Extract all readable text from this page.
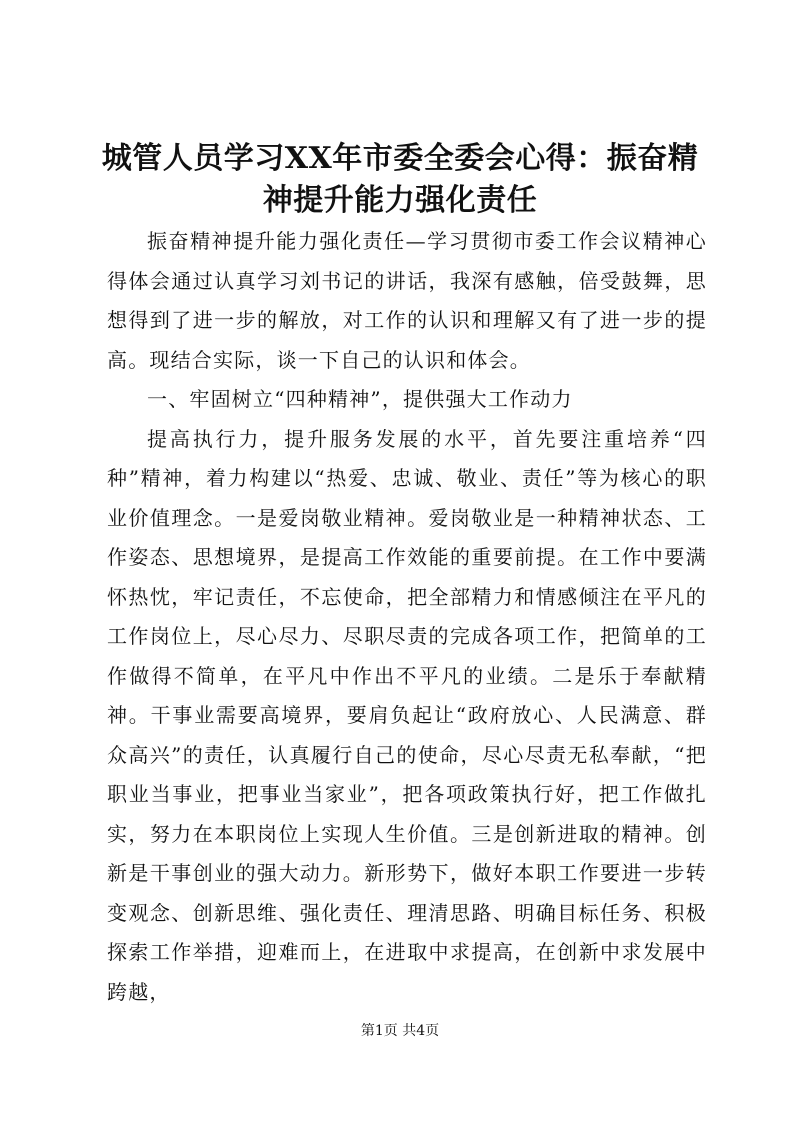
城管人员学习XX年市委全委会心得：振奋精神提升能力强化责任

振奋精神提升能力强化责任—学习贯彻市委工作会议精神心得体会通过认真学习刘书记的讲话，我深有感触，倍受鼓舞，思想得到了进一步的解放，对工作的认识和理解又有了进一步的提高。现结合实际，谈一下自己的认识和体会。

一、牢固树立“四种精神”，提供强大工作动力

提高执行力，提升服务发展的水平，首先要注重培养“四种”精神，着力构建以“热爱、忠诚、敬业、责任”等为核心的职业价值理念。一是爱岗敬业精神。爱岗敬业是一种精神状态、工作姿态、思想境界，是提高工作效能的重要前提。在工作中要满怀热忱，牢记责任，不忘使命，把全部精力和情感倾注在平凡的工作岗位上，尽心尽力、尽职尽责的完成各项工作，把简单的工作做得不简单，在平凡中作出不平凡的业绩。二是乐于奉献精神。干事业需要高境界，要肩负起让“政府放心、人民满意、群众高兴”的责任，认真履行自己的使命，尽心尽责无私奉献，“把职业当事业，把事业当家业”，把各项政策执行好，把工作做扎实，努力在本职岗位上实现人生价值。三是创新进取的精神。创新是干事创业的强大动力。新形势下，做好本职工作要进一步转变观念、创新思维、强化责任、理清思路、明确目标任务、积极探索工作举措，迎难而上，在进取中求提高，在创新中求发展中跨越，

第1页 共4页
